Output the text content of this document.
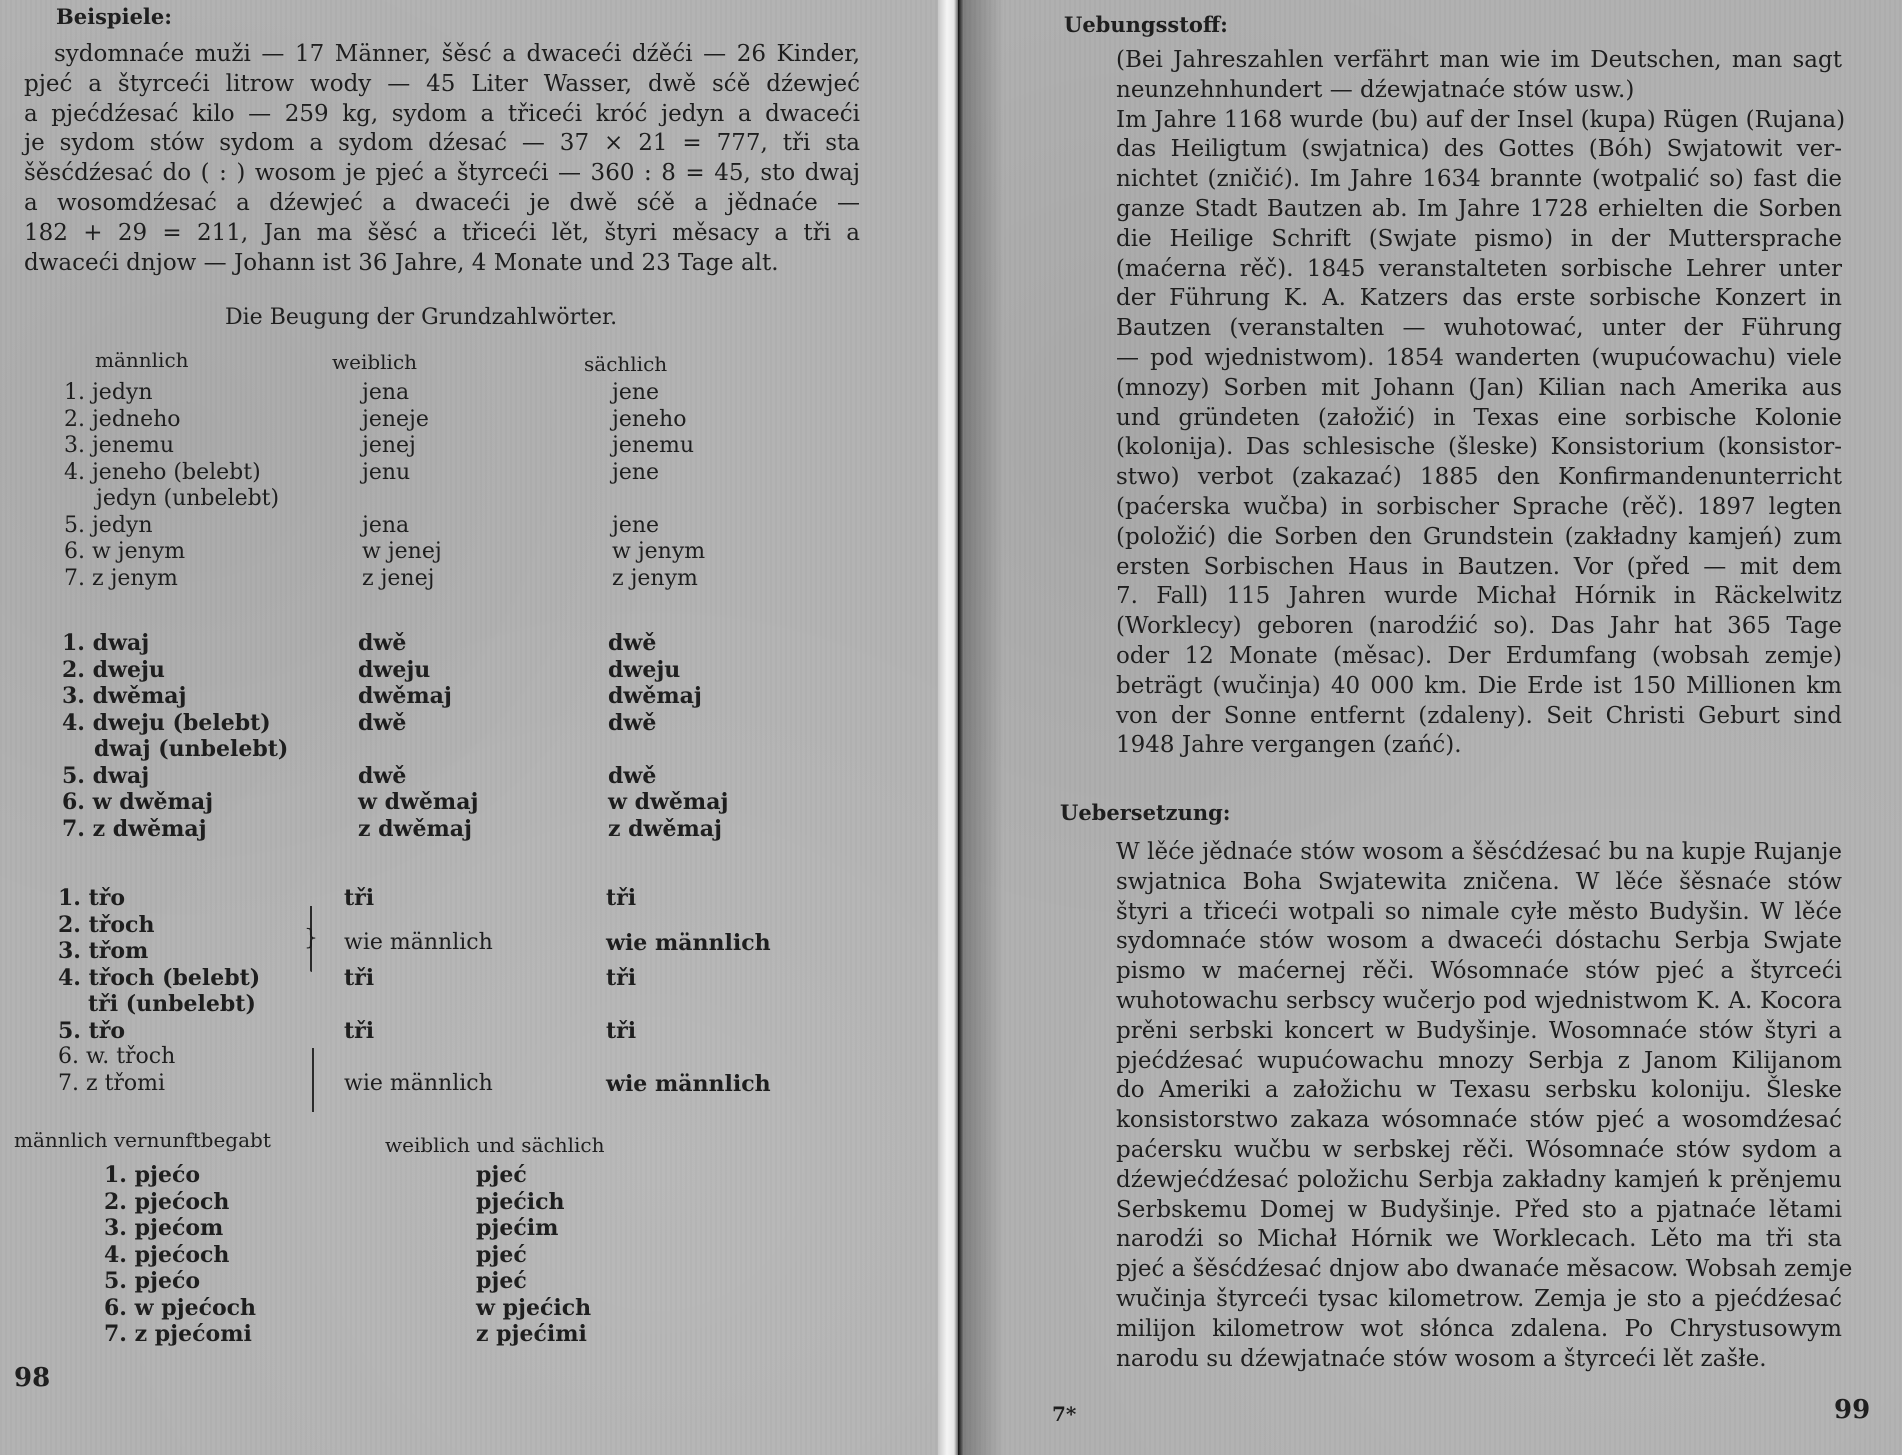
Beispiele:
sydomnaće muži — 17 Männer, šěsć a dwaceći dźěći — 26 Kinder,
pjeć a štyrceći litrow wody — 45 Liter Wasser, dwě sćě dźewjeć
a pjećdźesać kilo — 259 kg, sydom a třiceći króć jedyn a dwaceći
je sydom stów sydom a sydom dźesać — 37 × 21 = 777, tři sta
šěsćdźesać do ( : ) wosom je pjeć a štyrceći — 360 : 8 = 45, sto dwaj
a wosomdźesać a dźewjeć a dwaceći je dwě sćě a jědnaće —
182 + 29 = 211, Jan ma šěsć a třiceći lět, štyri měsacy a tři a
dwaceći dnjow — Johann ist 36 Jahre, 4 Monate und 23 Tage alt.
Die Beugung der Grundzahlwörter.
männlich	weiblich	sächlich
1. jedyn	jena	jene
2. jedneho	jeneje	jeneho
3. jenemu	jenej	jenemu
4. jeneho (belebt)	jenu	jene
jedyn (unbelebt)
5. jedyn	jena	jene
6. w jenym	w jenej	w jenym
7. z jenym	z jenej	z jenym
1. dwaj	dwě	dwě
2. dweju	dweju	dweju
3. dwěmaj	dwěmaj	dwěmaj
4. dweju (belebt)	dwě	dwě
dwaj (unbelebt)
5. dwaj	dwě	dwě
6. w dwěmaj	w dwěmaj	w dwěmaj
7. z dwěmaj	z dwěmaj	z dwěmaj
1. třo	tři	tři
2. třoch
3. třom	wie männlich	wie männlich
4. třoch (belebt)	tři	tři
tři (unbelebt)
5. třo	tři	tři
6. w. třoch
7. z třomi	wie männlich	wie männlich
}
männlich vernunftbegabt	weiblich und sächlich
1. pjećo	pjeć
2. pjećoch	pjećich
3. pjećom	pjećim
4. pjećoch	pjeć
5. pjećo	pjeć
6. w pjećoch	w pjećich
7. z pjećomi	z pjećimi
98
Uebungsstoff:
(Bei Jahreszahlen verfährt man wie im Deutschen, man sagt
neunzehnhundert — dźewjatnaće stów usw.)
Im Jahre 1168 wurde (bu) auf der Insel (kupa) Rügen (Rujana)
das Heiligtum (swjatnica) des Gottes (Bóh) Swjatowit ver-
nichtet (zničić). Im Jahre 1634 brannte (wotpalić so) fast die
ganze Stadt Bautzen ab. Im Jahre 1728 erhielten die Sorben
die Heilige Schrift (Swjate pismo) in der Muttersprache
(maćerna rěč). 1845 veranstalteten sorbische Lehrer unter
der Führung K. A. Katzers das erste sorbische Konzert in
Bautzen (veranstalten — wuhotować, unter der Führung
— pod wjednistwom). 1854 wanderten (wupućowachu) viele
(mnozy) Sorben mit Johann (Jan) Kilian nach Amerika aus
und gründeten (załožić) in Texas eine sorbische Kolonie
(kolonija). Das schlesische (šleske) Konsistorium (konsistor-
stwo) verbot (zakazać) 1885 den Konfirmandenunterricht
(paćerska wučba) in sorbischer Sprache (rěč). 1897 legten
(položić) die Sorben den Grundstein (zakładny kamjeń) zum
ersten Sorbischen Haus in Bautzen. Vor (před — mit dem
7. Fall) 115 Jahren wurde Michał Hórnik in Räckelwitz
(Worklecy) geboren (narodźić so). Das Jahr hat 365 Tage
oder 12 Monate (měsac). Der Erdumfang (wobsah zemje)
beträgt (wučinja) 40 000 km. Die Erde ist 150 Millionen km
von der Sonne entfernt (zdaleny). Seit Christi Geburt sind
1948 Jahre vergangen (zańć).
Uebersetzung:
W lěće jědnaće stów wosom a šěsćdźesać bu na kupje Rujanje
swjatnica Boha Swjatewita zničena. W lěće šěsnaće stów
štyri a třiceći wotpali so nimale cyłe město Budyšin. W lěće
sydomnaće stów wosom a dwaceći dóstachu Serbja Swjate
pismo w maćernej rěči. Wósomnaće stów pjeć a štyrceći
wuhotowachu serbscy wučerjo pod wjednistwom K. A. Kocora
prěni serbski koncert w Budyšinje. Wosomnaće stów štyri a
pjećdźesać wupućowachu mnozy Serbja z Janom Kilijanom
do Ameriki a załožichu w Texasu serbsku koloniju. Šleske
konsistorstwo zakaza wósomnaće stów pjeć a wosomdźesać
paćersku wučbu w serbskej rěči. Wósomnaće stów sydom a
dźewjećdźesać položichu Serbja zakładny kamjeń k prěnjemu
Serbskemu Domej w Budyšinje. Před sto a pjatnaće lětami
narodźi so Michał Hórnik we Worklecach. Lěto ma tři sta
pjeć a šěsćdźesać dnjow abo dwanaće měsacow. Wobsah zemje
wučinja štyrceći tysac kilometrow. Zemja je sto a pjećdźesać
milijon kilometrow wot słónca zdalena. Po Chrystusowym
narodu su dźewjatnaće stów wosom a štyrceći lět zašłe.
7*	99
